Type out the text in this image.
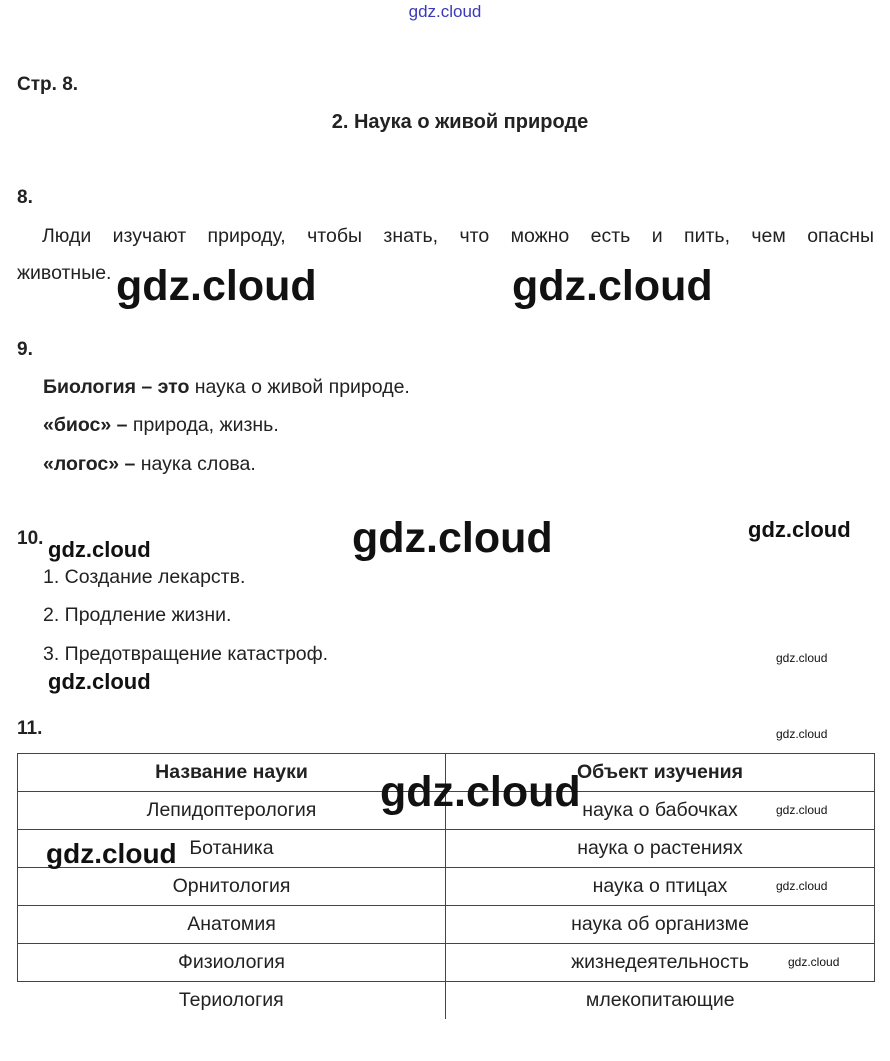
gdz.cloud
Стр. 8.
2. Наука о живой природе
8.
Люди изучают природу, чтобы знать, что можно есть и пить, чем опасны
животные.
9.
Биология – это наука о живой природе.
«биос» – природа, жизнь.
«логос» – наука слова.
10.
1. Создание лекарств.
2. Продление жизни.
3. Предотвращение катастроф.
11.
Название науки	Объект изучения
Лепидоптерология	наука о бабочках
Ботаника	наука о растениях
Орнитология	наука о птицах
Анатомия	наука об организме
Физиология	жизнедеятельность
Териология	млекопитающие
gdz.cloud	gdz.cloud
gdz.cloud	gdz.cloud
gdz.cloud
gdz.cloud
gdz.cloud
gdz.cloud
gdz.cloud	gdz.cloud
gdz.cloud
gdz.cloud
gdz.cloud
